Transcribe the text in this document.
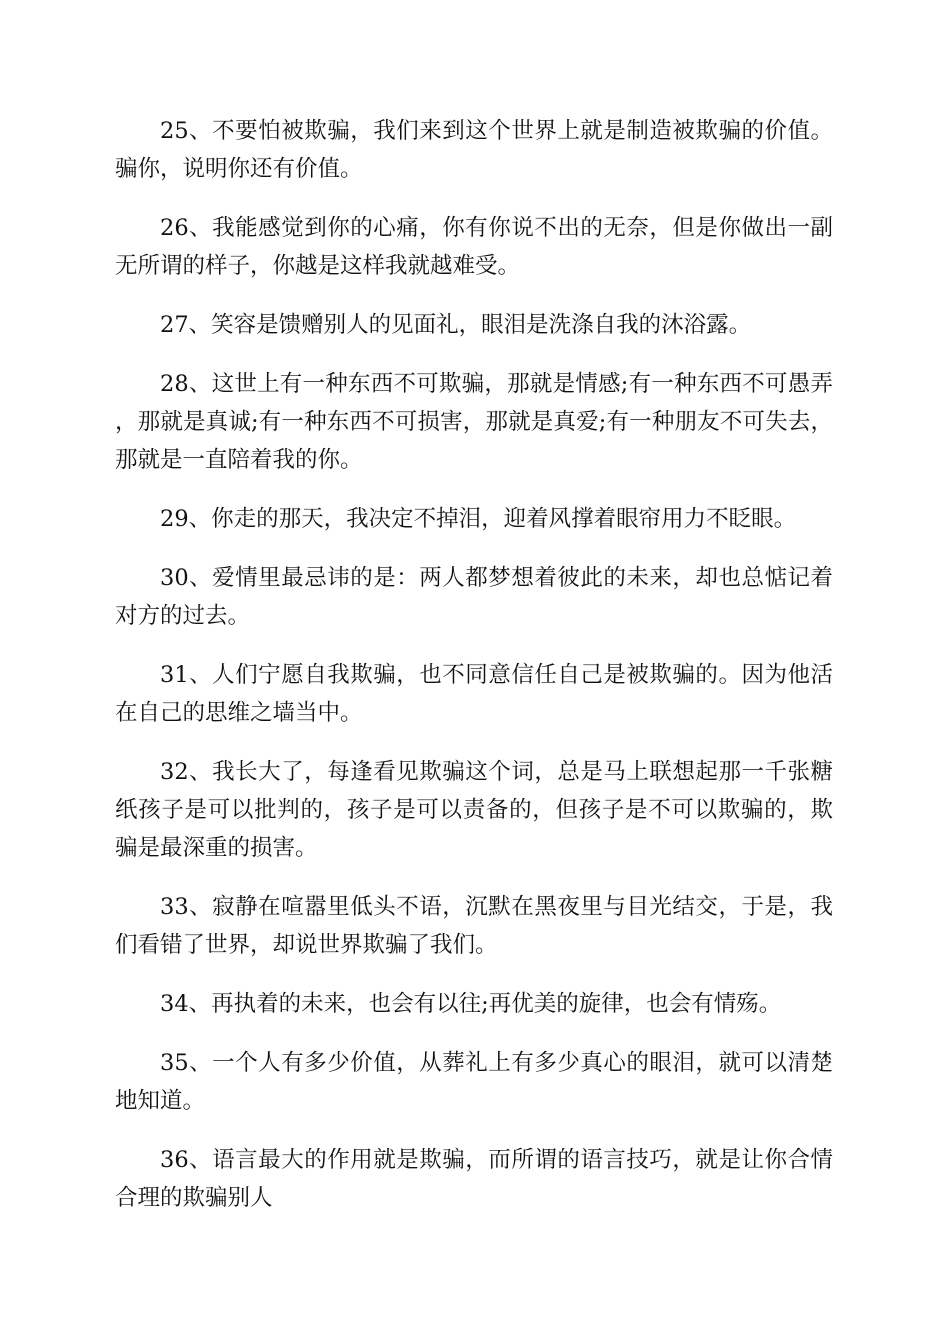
25、不要怕被欺骗，我们来到这个世界上就是制造被欺骗的价值。骗你，说明你还有价值。

26、我能感觉到你的心痛，你有你说不出的无奈，但是你做出一副无所谓的样子，你越是这样我就越难受。

27、笑容是馈赠别人的见面礼，眼泪是洗涤自我的沐浴露。

28、这世上有一种东西不可欺骗，那就是情感;有一种东西不可愚弄，那就是真诚;有一种东西不可损害，那就是真爱;有一种朋友不可失去，那就是一直陪着我的你。

29、你走的那天，我决定不掉泪，迎着风撑着眼帘用力不眨眼。

30、爱情里最忌讳的是：两人都梦想着彼此的未来，却也总惦记着对方的过去。

31、人们宁愿自我欺骗，也不同意信任自己是被欺骗的。因为他活在自己的思维之墙当中。

32、我长大了，每逢看见欺骗这个词，总是马上联想起那一千张糖纸孩子是可以批判的，孩子是可以责备的，但孩子是不可以欺骗的，欺骗是最深重的损害。

33、寂静在喧嚣里低头不语，沉默在黑夜里与目光结交，于是，我们看错了世界，却说世界欺骗了我们。

34、再执着的未来，也会有以往;再优美的旋律，也会有情殇。

35、一个人有多少价值，从葬礼上有多少真心的眼泪，就可以清楚地知道。

36、语言最大的作用就是欺骗，而所谓的语言技巧，就是让你合情合理的欺骗别人
